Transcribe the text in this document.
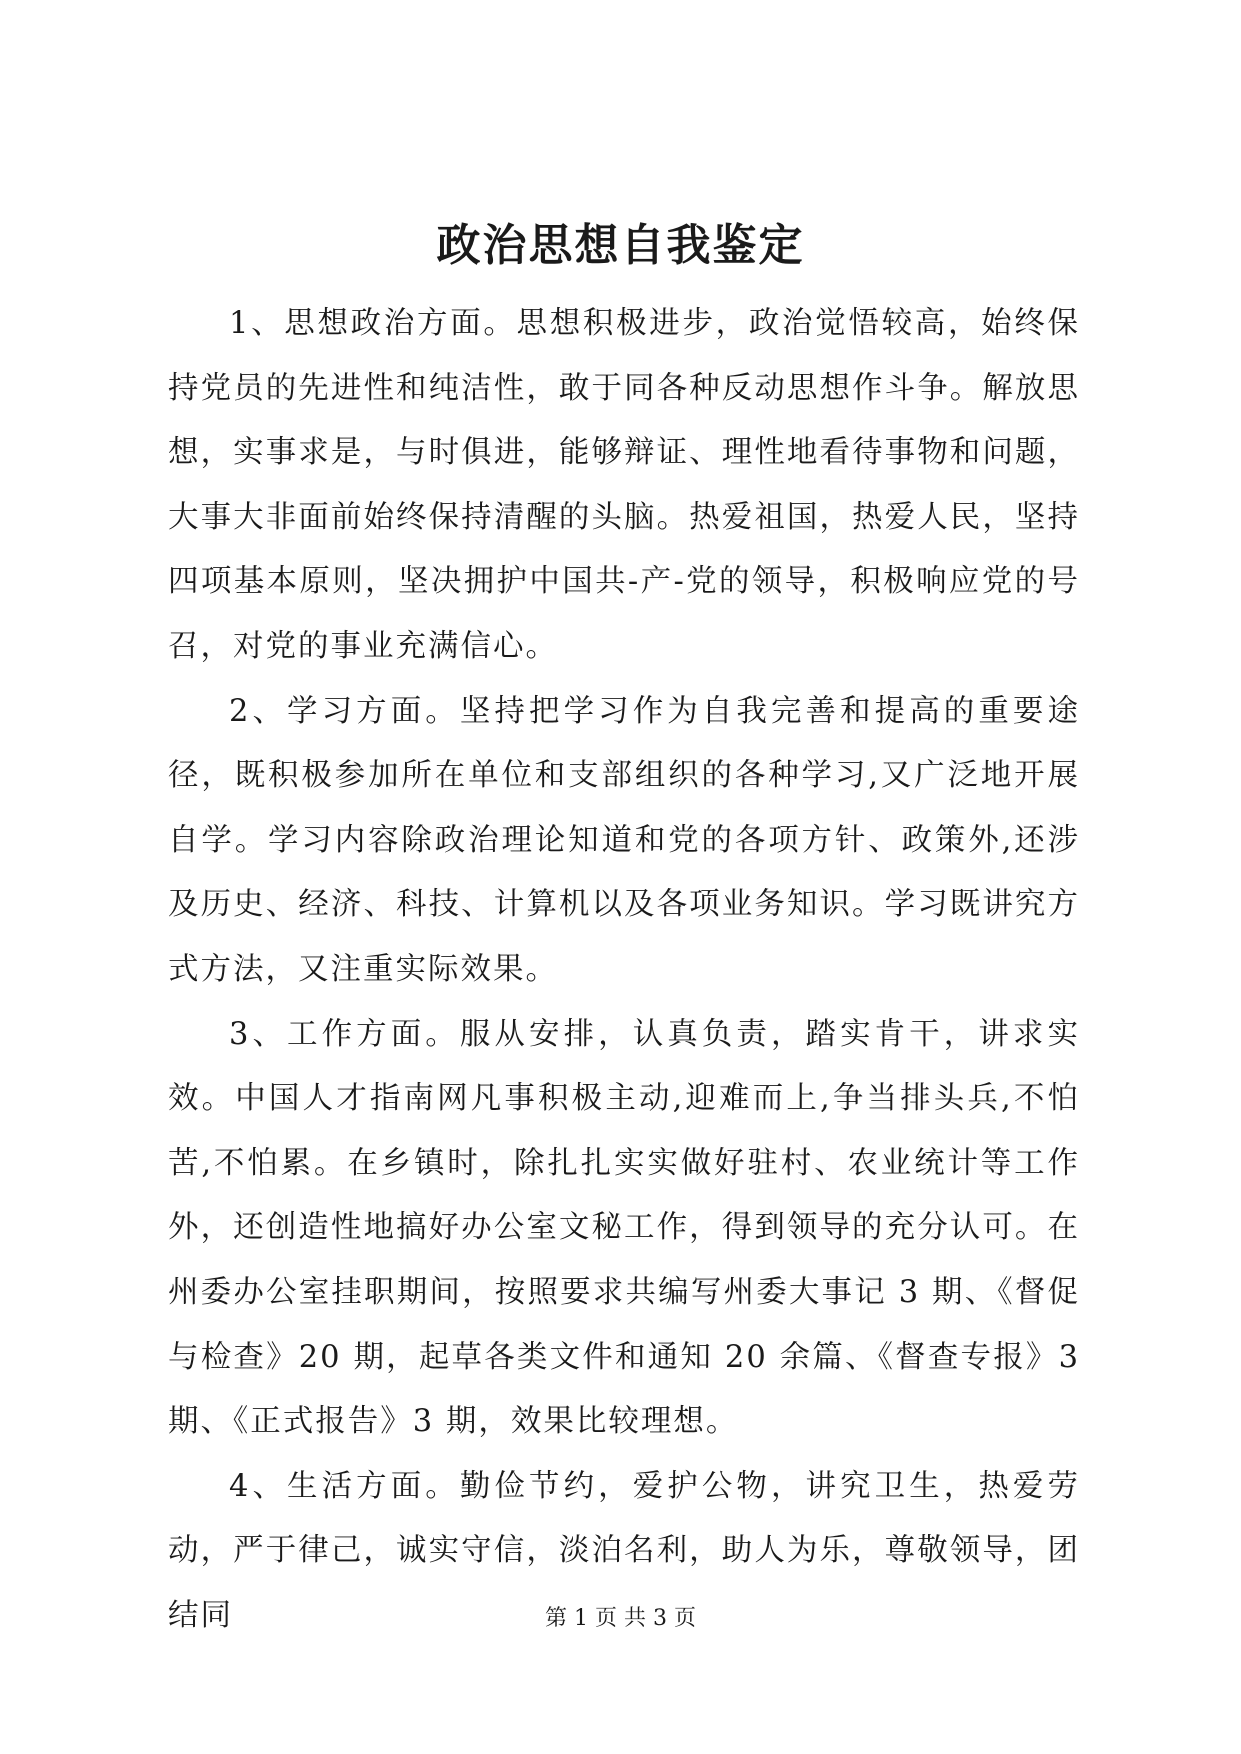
政治思想自我鉴定

1、思想政治方面。思想积极进步，政治觉悟较高，始终保持党员的先进性和纯洁性，敢于同各种反动思想作斗争。解放思想，实事求是，与时俱进，能够辩证、理性地看待事物和问题，大事大非面前始终保持清醒的头脑。热爱祖国，热爱人民，坚持四项基本原则，坚决拥护中国共-产-党的领导，积极响应党的号召，对党的事业充满信心。

2、学习方面。坚持把学习作为自我完善和提高的重要途径，既积极参加所在单位和支部组织的各种学习,又广泛地开展自学。学习内容除政治理论知道和党的各项方针、政策外,还涉及历史、经济、科技、计算机以及各项业务知识。学习既讲究方式方法，又注重实际效果。

3、工作方面。服从安排，认真负责，踏实肯干，讲求实效。中国人才指南网凡事积极主动,迎难而上,争当排头兵,不怕苦,不怕累。在乡镇时，除扎扎实实做好驻村、农业统计等工作外，还创造性地搞好办公室文秘工作，得到领导的充分认可。在州委办公室挂职期间，按照要求共编写州委大事记 3 期、《督促与检查》20 期，起草各类文件和通知 20 余篇、《督查专报》3 期、《正式报告》3 期，效果比较理想。

4、生活方面。勤俭节约，爱护公物，讲究卫生，热爱劳动，严于律己，诚实守信，淡泊名利，助人为乐，尊敬领导，团结同	第 1 页 共 3 页
